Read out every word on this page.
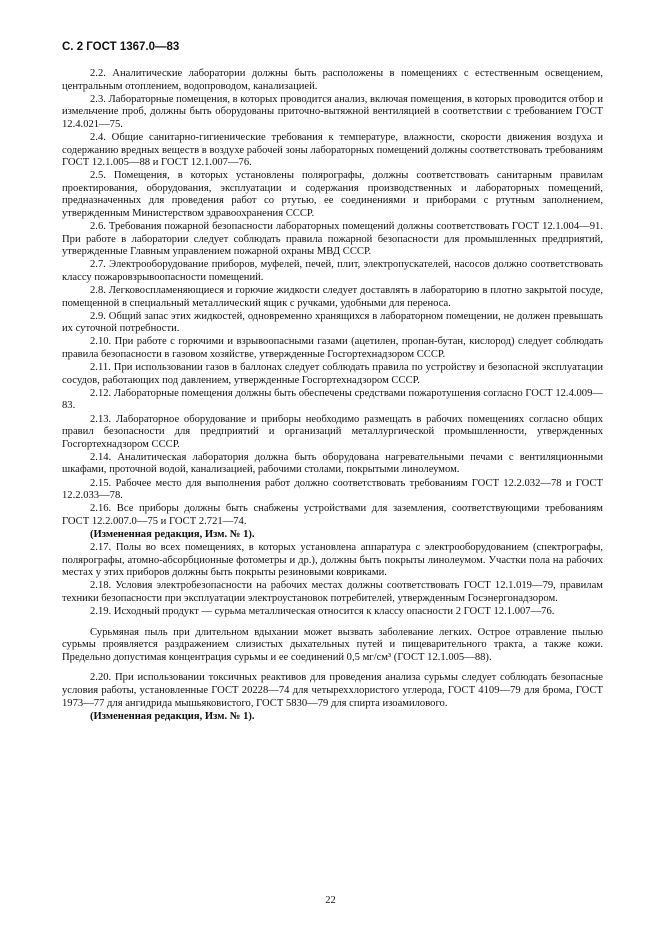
С. 2 ГОСТ 1367.0—83

2.2. Аналитические лаборатории должны быть расположены в помещениях с естественным освещением, центральным отоплением, водопроводом, канализацией.

2.3. Лабораторные помещения, в которых проводится анализ, включая помещения, в которых проводится отбор и измельчение проб, должны быть оборудованы приточно-вытяжной вентиляцией в соответствии с требованием ГОСТ 12.4.021—75.

2.4. Общие санитарно-гигиенические требования к температуре, влажности, скорости движения воздуха и содержанию вредных веществ в воздухе рабочей зоны лабораторных помещений должны соответствовать требованиям ГОСТ 12.1.005—88 и ГОСТ 12.1.007—76.

2.5. Помещения, в которых установлены полярографы, должны соответствовать санитарным правилам проектирования, оборудования, эксплуатации и содержания производственных и лабораторных помещений, предназначенных для проведения работ со ртутью, ее соединениями и приборами с ртутным заполнением, утвержденным Министерством здравоохранения СССР.

2.6. Требования пожарной безопасности лабораторных помещений должны соответствовать ГОСТ 12.1.004—91. При работе в лаборатории следует соблюдать правила пожарной безопасности для промышленных предприятий, утвержденные Главным управлением пожарной охраны МВД СССР.

2.7. Электрооборудование приборов, муфелей, печей, плит, электропускателей, насосов должно соответствовать классу пожаровзрывоопасности помещений.

2.8. Легковоспламеняющиеся и горючие жидкости следует доставлять в лабораторию в плотно закрытой посуде, помещенной в специальный металлический ящик с ручками, удобными для переноса.

2.9. Общий запас этих жидкостей, одновременно хранящихся в лабораторном помещении, не должен превышать их суточной потребности.

2.10. При работе с горючими и взрывоопасными газами (ацетилен, пропан-бутан, кислород) следует соблюдать правила безопасности в газовом хозяйстве, утвержденные Госгортехнадзором СССР.

2.11. При использовании газов в баллонах следует соблюдать правила по устройству и безопасной эксплуатации сосудов, работающих под давлением, утвержденные Госгортехнадзором СССР.

2.12. Лабораторные помещения должны быть обеспечены средствами пожаротушения согласно ГОСТ 12.4.009—83.

2.13. Лабораторное оборудование и приборы необходимо размещать в рабочих помещениях согласно общих правил безопасности для предприятий и организаций металлургической промышленности, утвержденных Госгортехнадзором СССР.

2.14. Аналитическая лаборатория должна быть оборудована нагревательными печами с вентиляционными шкафами, проточной водой, канализацией, рабочими столами, покрытыми линолеумом.

2.15. Рабочее место для выполнения работ должно соответствовать требованиям ГОСТ 12.2.032—78 и ГОСТ 12.2.033—78.

2.16. Все приборы должны быть снабжены устройствами для заземления, соответствующими требованиям ГОСТ 12.2.007.0—75 и ГОСТ 2.721—74.

(Измененная редакция, Изм. № 1).

2.17. Полы во всех помещениях, в которых установлена аппаратура с электрооборудованием (спектрографы, полярографы, атомно-абсорбционные фотометры и др.), должны быть покрыты линолеумом. Участки пола на рабочих местах у этих приборов должны быть покрыты резиновыми ковриками.

2.18. Условия электробезопасности на рабочих местах должны соответствовать ГОСТ 12.1.019—79, правилам техники безопасности при эксплуатации электроустановок потребителей, утвержденным Госэнергонадзором.

2.19. Исходный продукт — сурьма металлическая относится к классу опасности 2 ГОСТ 12.1.007—76.

Сурьмяная пыль при длительном вдыхании может вызвать заболевание легких. Острое отравление пылью сурьмы проявляется раздражением слизистых дыхательных путей и пищеварительного тракта, а также кожи. Предельно допустимая концентрация сурьмы и ее соединений 0,5 мг/см³ (ГОСТ 12.1.005—88).

2.20. При использовании токсичных реактивов для проведения анализа сурьмы следует соблюдать безопасные условия работы, установленные ГОСТ 20228—74 для четыреххлористого углерода, ГОСТ 4109—79 для брома, ГОСТ 1973—77 для ангидрида мышьяковистого, ГОСТ 5830—79 для спирта изоамилового.

(Измененная редакция, Изм. № 1).

22
